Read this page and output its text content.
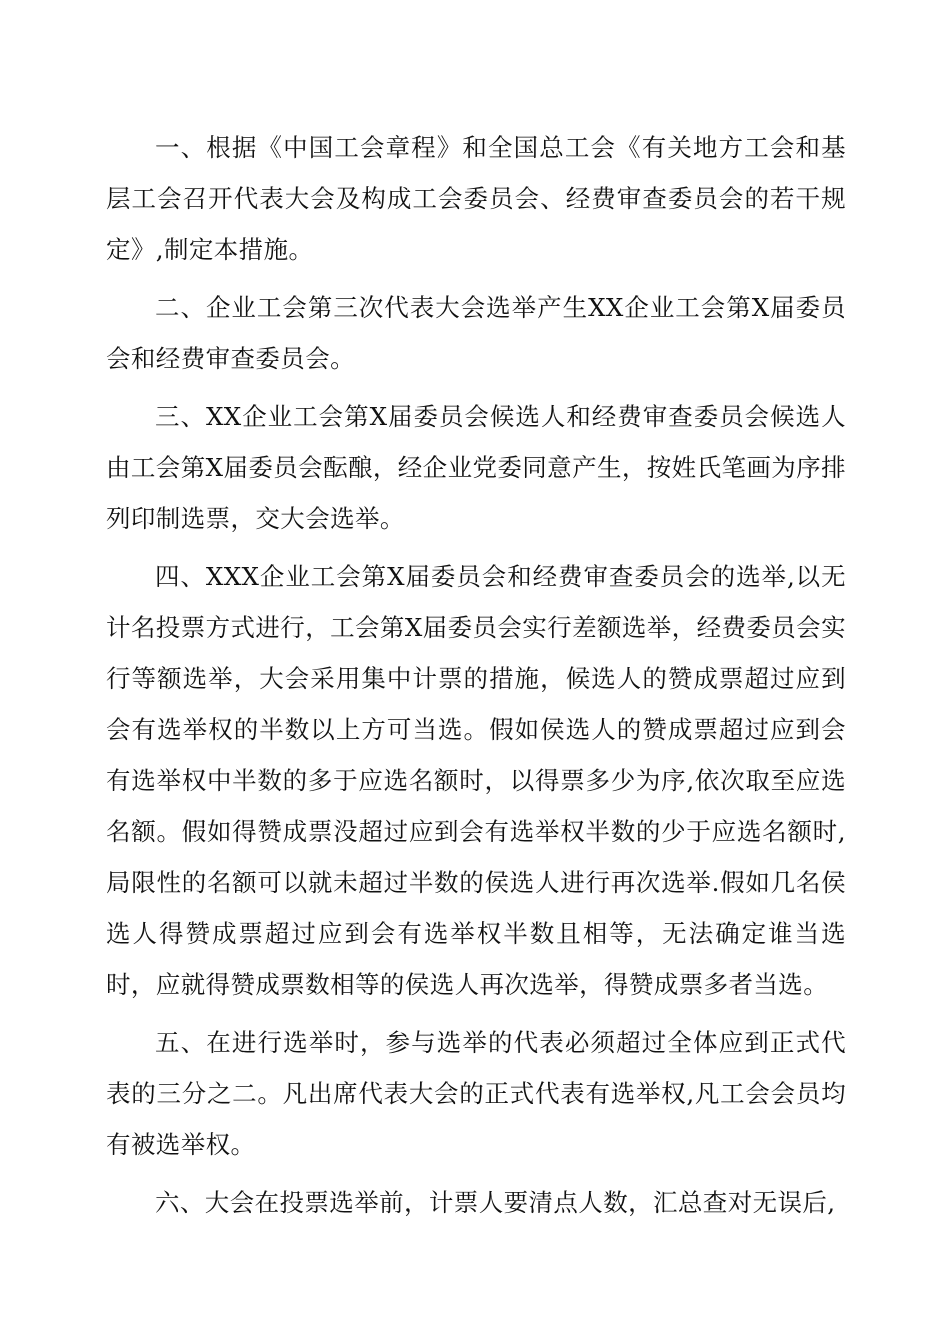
一、根据《中国工会章程》和全国总工会《有关地方工会和基层工会召开代表大会及构成工会委员会、经费审查委员会的若干规定》,制定本措施。

二、企业工会第三次代表大会选举产生XX企业工会第X届委员会和经费审查委员会。

三、XX企业工会第X届委员会候选人和经费审查委员会候选人由工会第X届委员会酝酿，经企业党委同意产生，按姓氏笔画为序排列印制选票，交大会选举。

四、XXX企业工会第X届委员会和经费审查委员会的选举,以无计名投票方式进行，工会第X届委员会实行差额选举，经费委员会实行等额选举，大会采用集中计票的措施，候选人的赞成票超过应到会有选举权的半数以上方可当选。假如侯选人的赞成票超过应到会有选举权中半数的多于应选名额时，以得票多少为序,依次取至应选名额。假如得赞成票没超过应到会有选举权半数的少于应选名额时,局限性的名额可以就未超过半数的侯选人进行再次选举.假如几名侯选人得赞成票超过应到会有选举权半数且相等，无法确定谁当选时，应就得赞成票数相等的侯选人再次选举，得赞成票多者当选。

五、在进行选举时，参与选举的代表必须超过全体应到正式代表的三分之二。凡出席代表大会的正式代表有选举权,凡工会会员均有被选举权。

六、大会在投票选举前，计票人要清点人数，汇总查对无误后,
